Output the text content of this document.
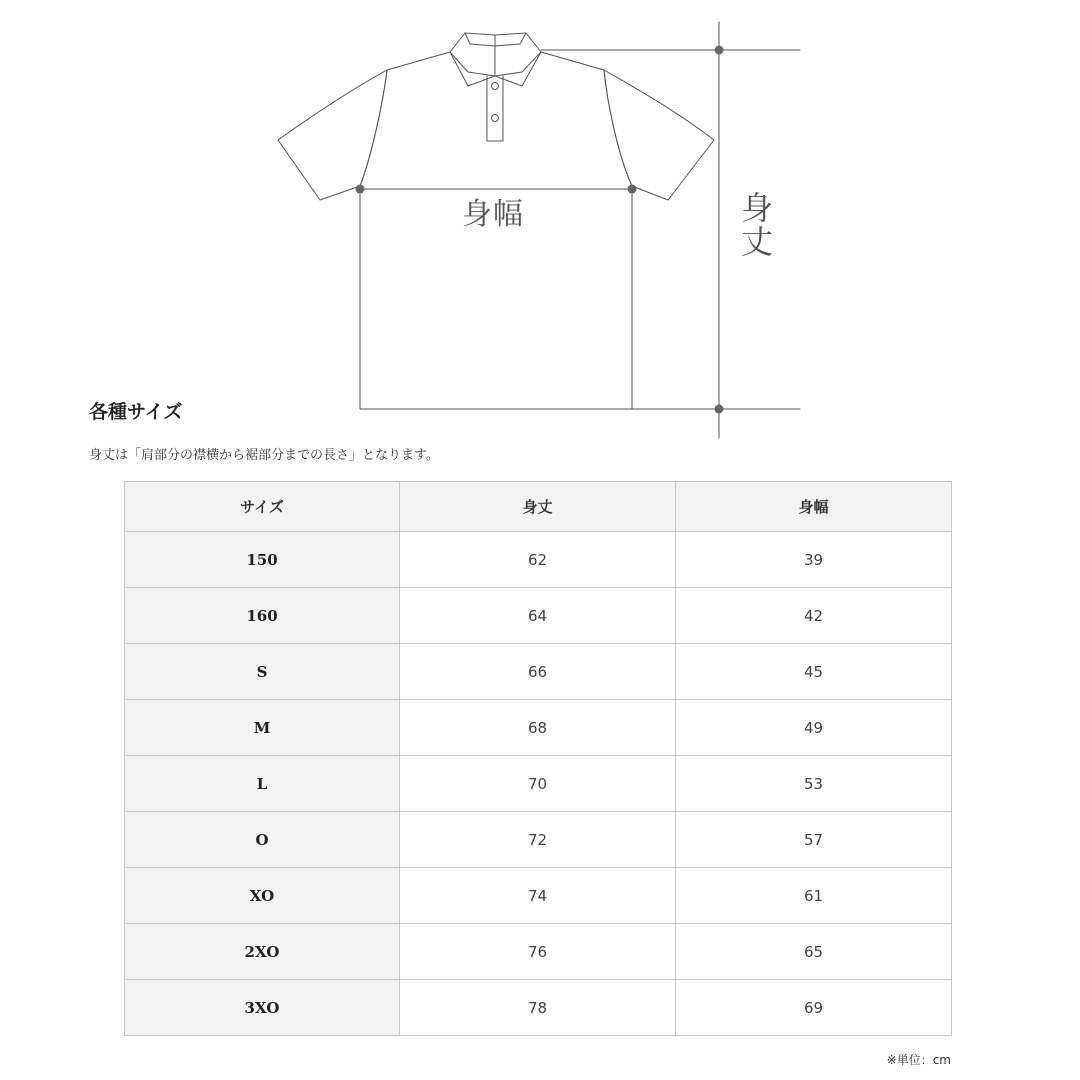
身幅	身
丈
各種サイズ
身丈は「肩部分の襟横から裾部分までの長さ」となります。
サイズ	身丈	身幅
150	62	39
160	64	42
S	66	45
M	68	49
L	70	53
O	72	57
XO	74	61
2XO	76	65
3XO	78	69
※単位：cm
